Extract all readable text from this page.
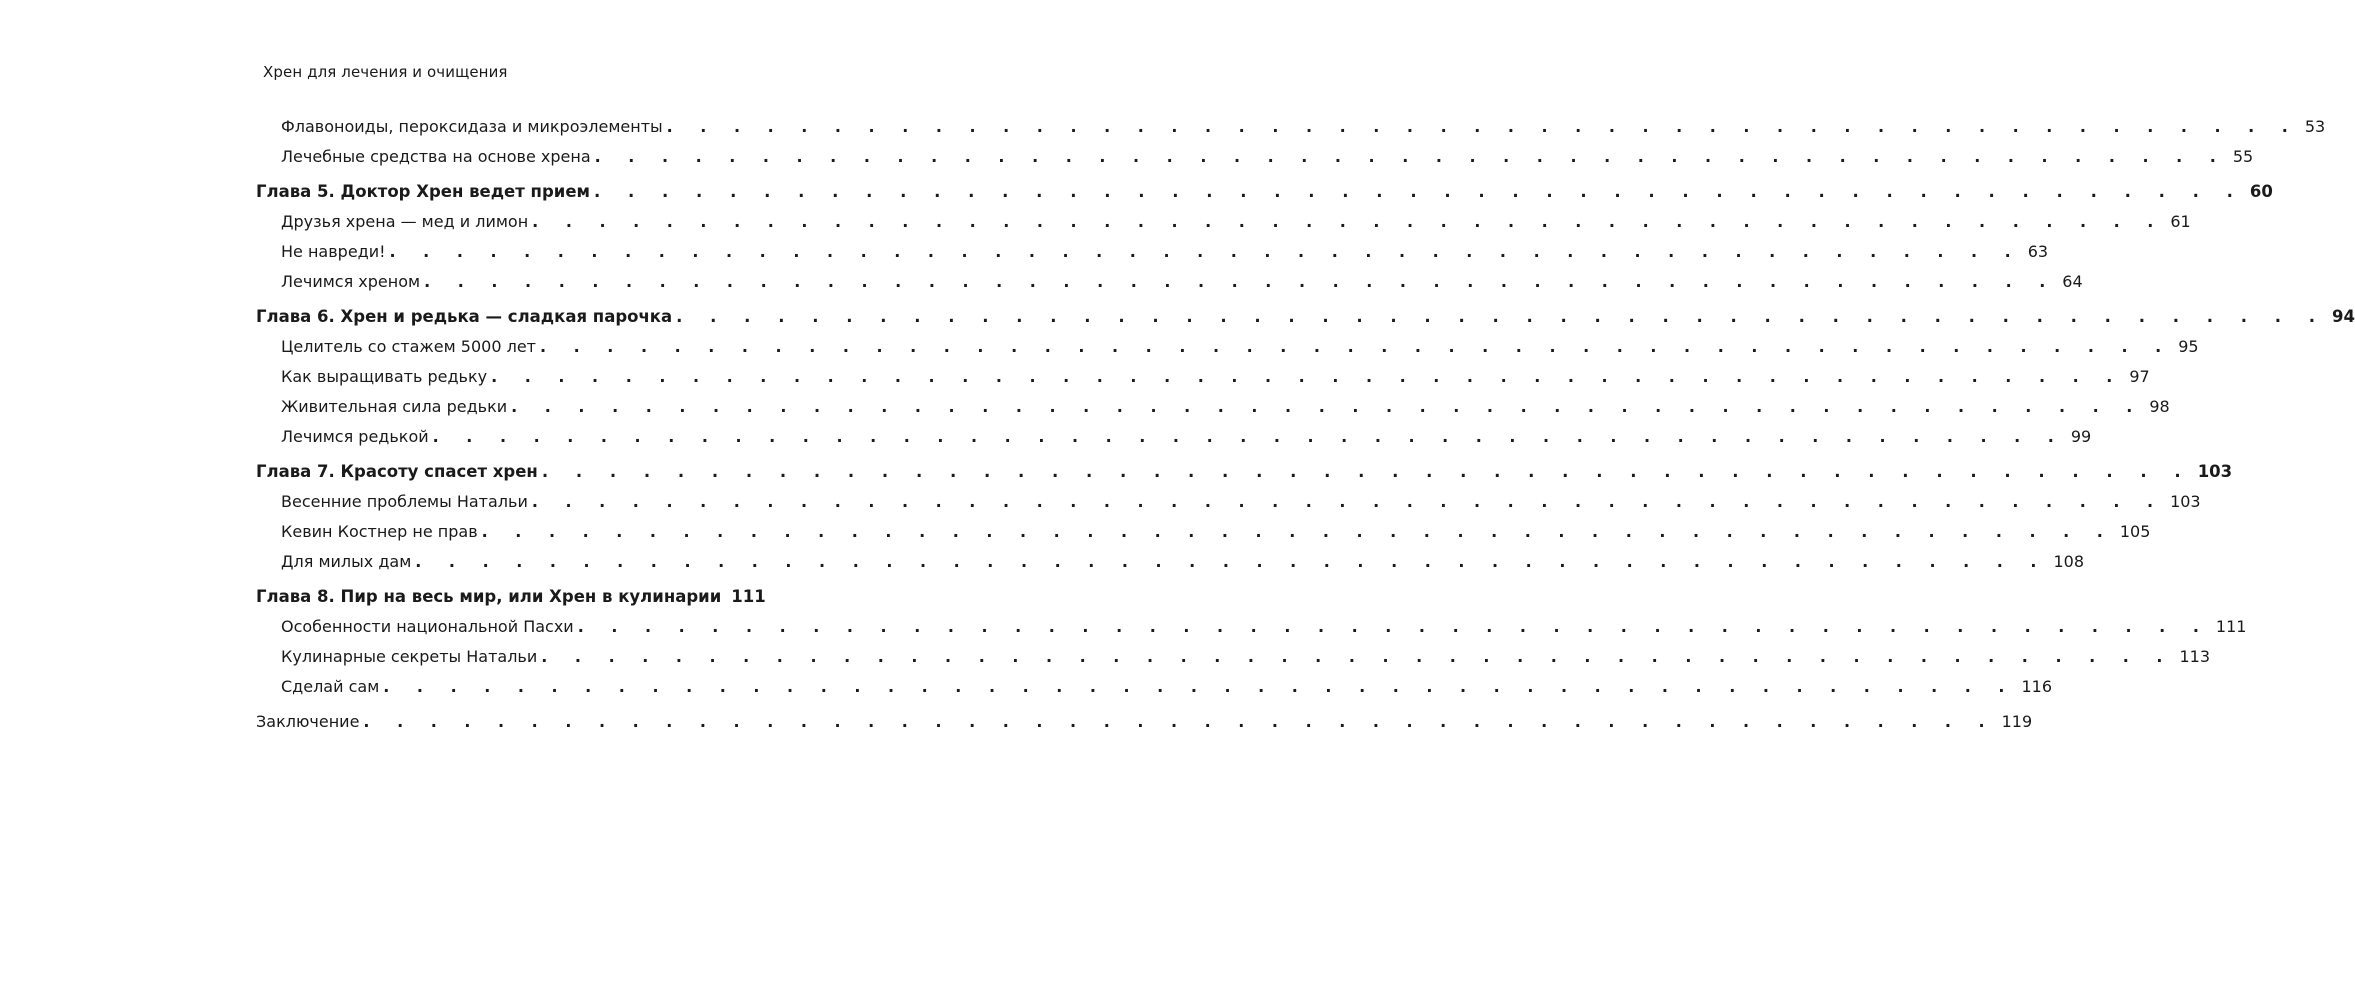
Хрен для лечения и очищения
Флавоноиды, пероксидаза и микроэлементы . . . . . . . . . . . . . . . . . . . . . . . . . . . . . . . . . . . . . . . . . . . . . . . . . 53
Лечебные средства на основе хрена . . . . . . . . . . . . . . . . . . . . . . . . . . . . . . . . . . . . . . . . . . . . . . . . . 55
Глава 5. Доктор Хрен ведет прием . . . . . . . . . . . . . . . . . . . . . . . . . . . . . . . . . . . . . . . . . . . . . . . . . 60
Друзья хрена — мед и лимон . . . . . . . . . . . . . . . . . . . . . . . . . . . . . . . . . . . . . . . . . . . . . . . . . 61
Не навреди! . . . . . . . . . . . . . . . . . . . . . . . . . . . . . . . . . . . . . . . . . . . . . . . . . 63
Лечимся хреном . . . . . . . . . . . . . . . . . . . . . . . . . . . . . . . . . . . . . . . . . . . . . . . . . 64
Глава 6. Хрен и редька — сладкая парочка . . . . . . . . . . . . . . . . . . . . . . . . . . . . . . . . . . . . . . . . . . . . . . . . . 94
Целитель со стажем 5000 лет . . . . . . . . . . . . . . . . . . . . . . . . . . . . . . . . . . . . . . . . . . . . . . . . . 95
Как выращивать редьку . . . . . . . . . . . . . . . . . . . . . . . . . . . . . . . . . . . . . . . . . . . . . . . . . 97
Живительная сила редьки . . . . . . . . . . . . . . . . . . . . . . . . . . . . . . . . . . . . . . . . . . . . . . . . . 98
Лечимся редькой . . . . . . . . . . . . . . . . . . . . . . . . . . . . . . . . . . . . . . . . . . . . . . . . . 99
Глава 7. Красоту спасет хрен . . . . . . . . . . . . . . . . . . . . . . . . . . . . . . . . . . . . . . . . . . . . . . . . . 103
Весенние проблемы Натальи . . . . . . . . . . . . . . . . . . . . . . . . . . . . . . . . . . . . . . . . . . . . . . . . . 103
Кевин Костнер не прав . . . . . . . . . . . . . . . . . . . . . . . . . . . . . . . . . . . . . . . . . . . . . . . . . 105
Для милых дам . . . . . . . . . . . . . . . . . . . . . . . . . . . . . . . . . . . . . . . . . . . . . . . . . 108
Глава 8. Пир на весь мир, или Хрен в кулинарии 111
Особенности национальной Пасхи . . . . . . . . . . . . . . . . . . . . . . . . . . . . . . . . . . . . . . . . . . . . . . . . . 111
Кулинарные секреты Натальи . . . . . . . . . . . . . . . . . . . . . . . . . . . . . . . . . . . . . . . . . . . . . . . . . 113
Сделай сам . . . . . . . . . . . . . . . . . . . . . . . . . . . . . . . . . . . . . . . . . . . . . . . . . 116
Заключение . . . . . . . . . . . . . . . . . . . . . . . . . . . . . . . . . . . . . . . . . . . . . . . . . 119
